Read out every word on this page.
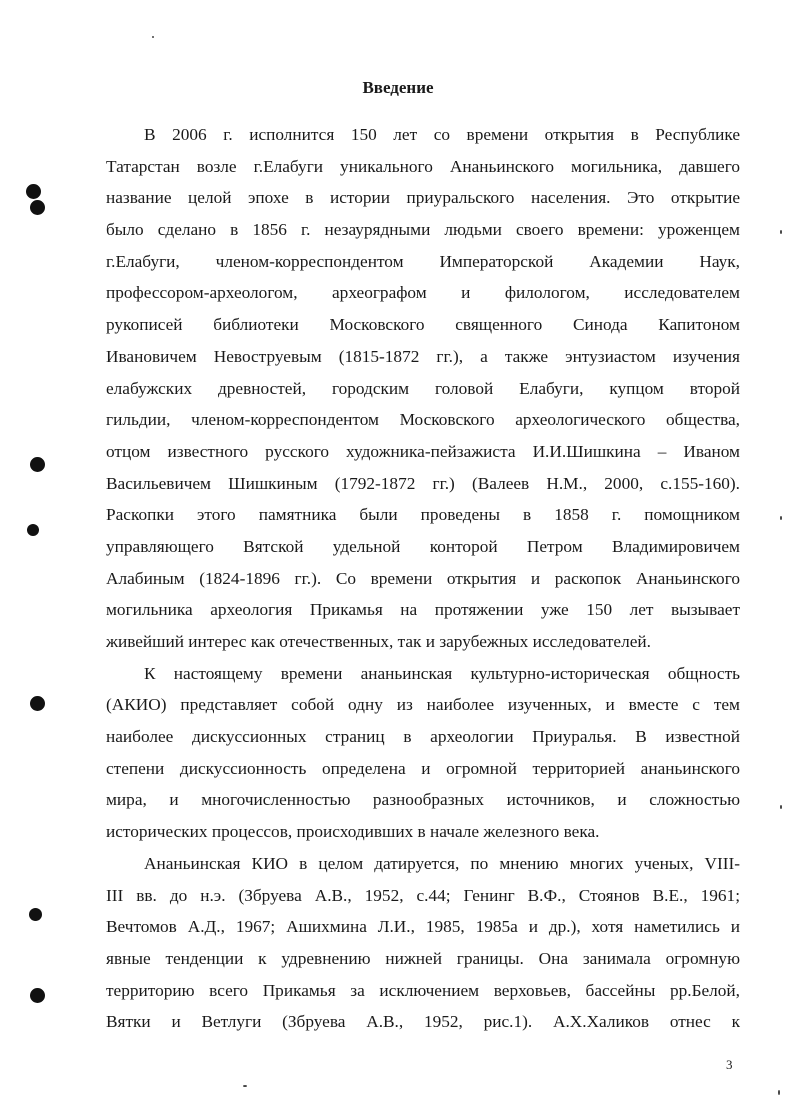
Введение
В 2006 г. исполнится 150 лет со времени открытия в Республике
Татарстан возле г.Елабуги уникального Ананьинского могильника, давшего
название целой эпохе в истории приуральского населения. Это открытие
было сделано в 1856 г. незаурядными людьми своего времени: уроженцем
г.Елабуги, членом-корреспондентом Императорской Академии Наук,
профессором-археологом, археографом и филологом, исследователем
рукописей библиотеки Московского священного Синода Капитоном
Ивановичем Невоструевым (1815-1872 гг.), а также энтузиастом изучения
елабужских древностей, городским головой Елабуги, купцом второй
гильдии, членом-корреспондентом Московского археологического общества,
отцом известного русского художника-пейзажиста И.И.Шишкина – Иваном
Васильевичем Шишкиным (1792-1872 гг.) (Валеев Н.М., 2000, с.155-160).
Раскопки этого памятника были проведены в 1858 г. помощником
управляющего Вятской удельной конторой Петром Владимировичем
Алабиным (1824-1896 гг.). Со времени открытия и раскопок Ананьинского
могильника археология Прикамья на протяжении уже 150 лет вызывает
живейший интерес как отечественных, так и зарубежных исследователей.
К настоящему времени ананьинская культурно-историческая общность
(АКИО) представляет собой одну из наиболее изученных, и вместе с тем
наиболее дискуссионных страниц в археологии Приуралья. В известной
степени дискуссионность определена и огромной территорией ананьинского
мира, и многочисленностью разнообразных источников, и сложностью
исторических процессов, происходивших в начале железного века.
Ананьинская КИО в целом датируется, по мнению многих ученых, VIII-
III вв. до н.э. (Збруева А.В., 1952, с.44; Генинг В.Ф., Стоянов В.Е., 1961;
Вечтомов А.Д., 1967; Ашихмина Л.И., 1985, 1985а и др.), хотя наметились и
явные тенденции к удревнению нижней границы. Она занимала огромную
территорию всего Прикамья за исключением верховьев, бассейны рр.Белой,
Вятки и Ветлуги (Збруева А.В., 1952, рис.1). А.Х.Халиков отнес к
3
